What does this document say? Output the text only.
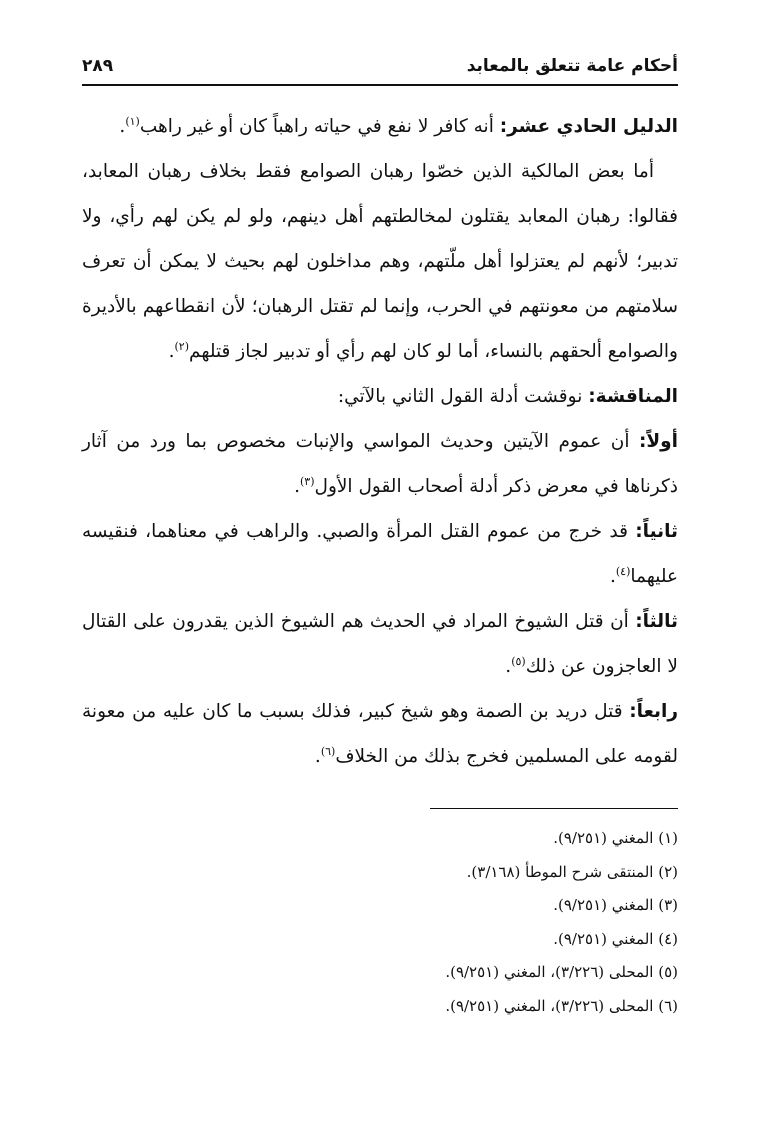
أحكام عامة تتعلق بالمعابد
٢٨٩

الدليل الحادي عشر: أنه كافر لا نفع في حياته راهباً كان أو غير راهب$^{(١)}$.

أما بعض المالكية الذين خصّوا رهبان الصوامع فقط بخلاف رهبان المعابد، فقالوا: رهبان المعابد يقتلون لمخالطتهم أهل دينهم، ولو لم يكن لهم رأي، ولا تدبير؛ لأنهم لم يعتزلوا أهل ملّتهم، وهم مداخلون لهم بحيث لا يمكن أن تعرف سلامتهم من معونتهم في الحرب، وإنما لم تقتل الرهبان؛ لأن انقطاعهم بالأديرة والصوامع ألحقهم بالنساء، أما لو كان لهم رأي أو تدبير لجاز قتلهم$^{(٢)}$.

المناقشة: نوقشت أدلة القول الثاني بالآتي:

أولاً: أن عموم الآيتين وحديث المواسي والإنبات مخصوص بما ورد من آثار ذكرناها في معرض ذكر أدلة أصحاب القول الأول$^{(٣)}$.

ثانياً: قد خرج من عموم القتل المرأة والصبي. والراهب في معناهما، فنقيسه عليهما$^{(٤)}$.

ثالثاً: أن قتل الشيوخ المراد في الحديث هم الشيوخ الذين يقدرون على القتال لا العاجزون عن ذلك$^{(٥)}$.

رابعاً: قتل دريد بن الصمة وهو شيخ كبير، فذلك بسبب ما كان عليه من معونة لقومه على المسلمين فخرج بذلك من الخلاف$^{(٦)}$.

(١) المغني (٩/٢٥١).

(٢) المنتقى شرح الموطأ (٣/١٦٨).

(٣) المغني (٩/٢٥١).

(٤) المغني (٩/٢٥١).

(٥) المحلى (٣/٢٢٦)، المغني (٩/٢٥١).

(٦) المحلى (٣/٢٢٦)، المغني (٩/٢٥١).
